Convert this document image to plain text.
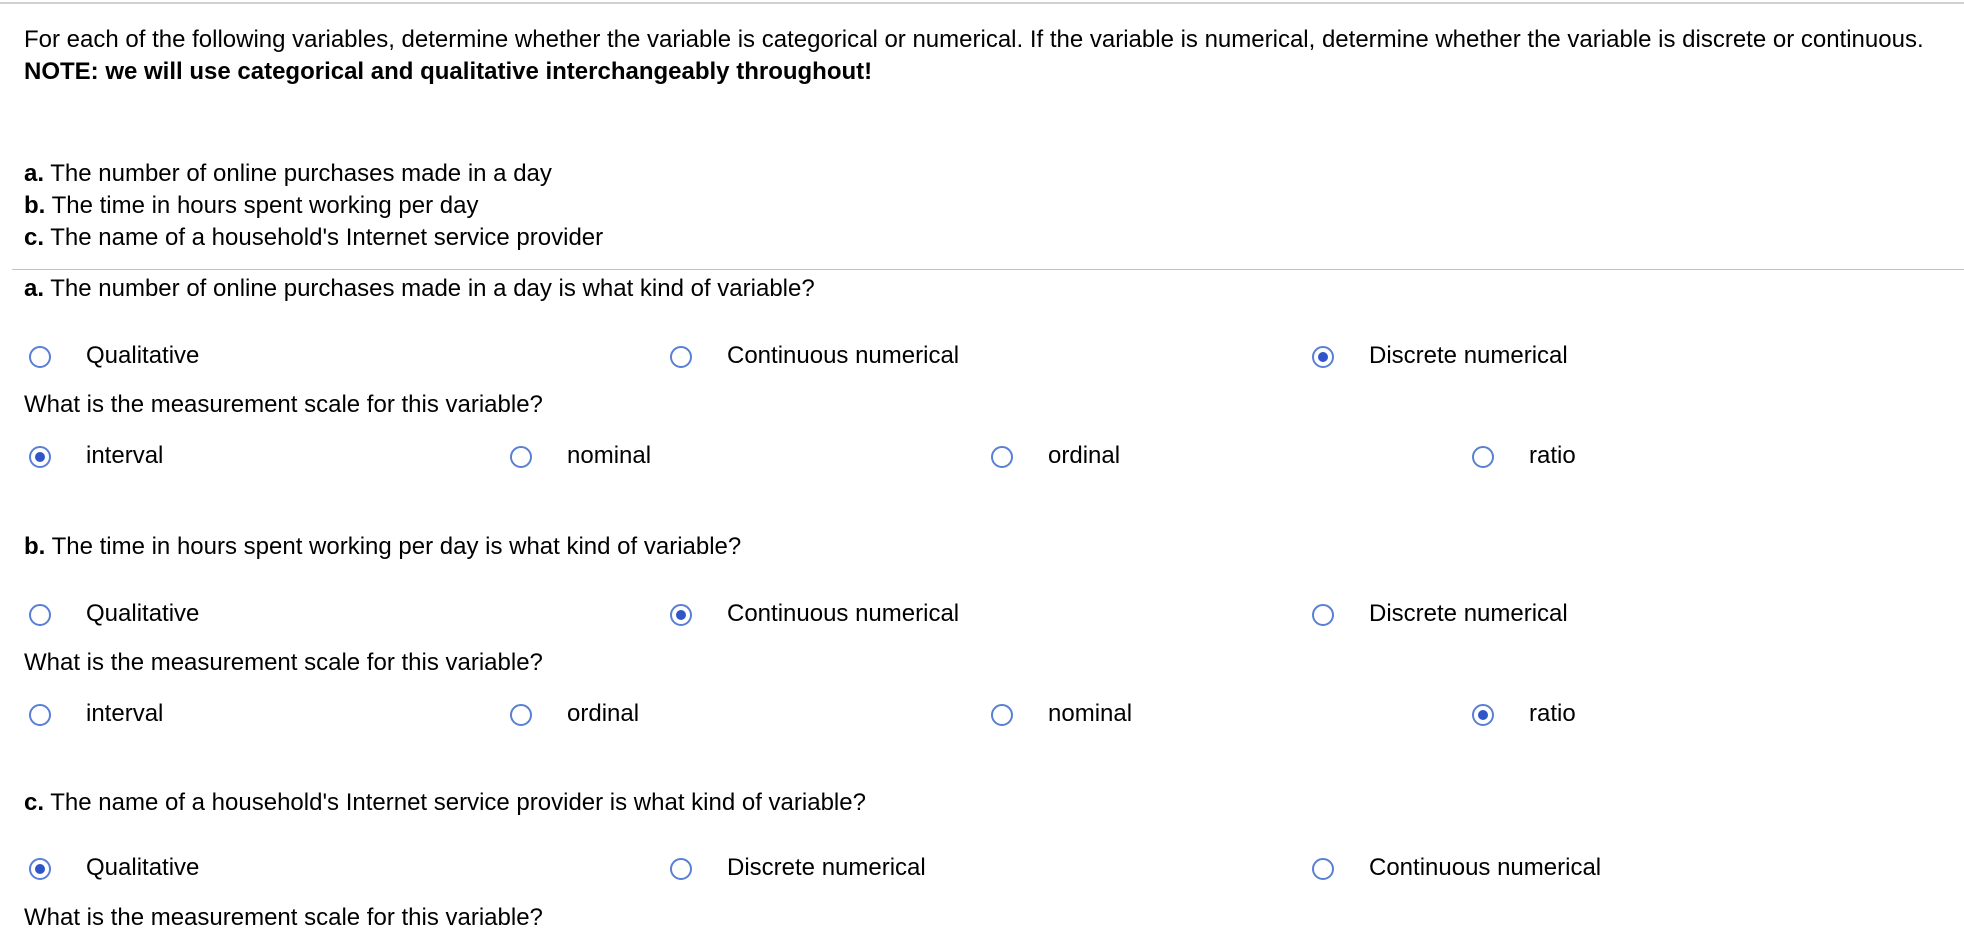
For each of the following variables, determine whether the variable is categorical or numerical. If the variable is numerical, determine whether the variable is discrete or continuous.
NOTE: we will use categorical and qualitative interchangeably throughout!
a. The number of online purchases made in a day
b. The time in hours spent working per day
c. The name of a household's Internet service provider
a. The number of online purchases made in a day is what kind of variable?
Qualitative	Continuous numerical	Discrete numerical
What is the measurement scale for this variable?
interval	nominal	ordinal	ratio
b. The time in hours spent working per day is what kind of variable?
Qualitative	Continuous numerical	Discrete numerical
What is the measurement scale for this variable?
interval	ordinal	nominal	ratio
c. The name of a household's Internet service provider is what kind of variable?
Qualitative	Discrete numerical	Continuous numerical
What is the measurement scale for this variable?
